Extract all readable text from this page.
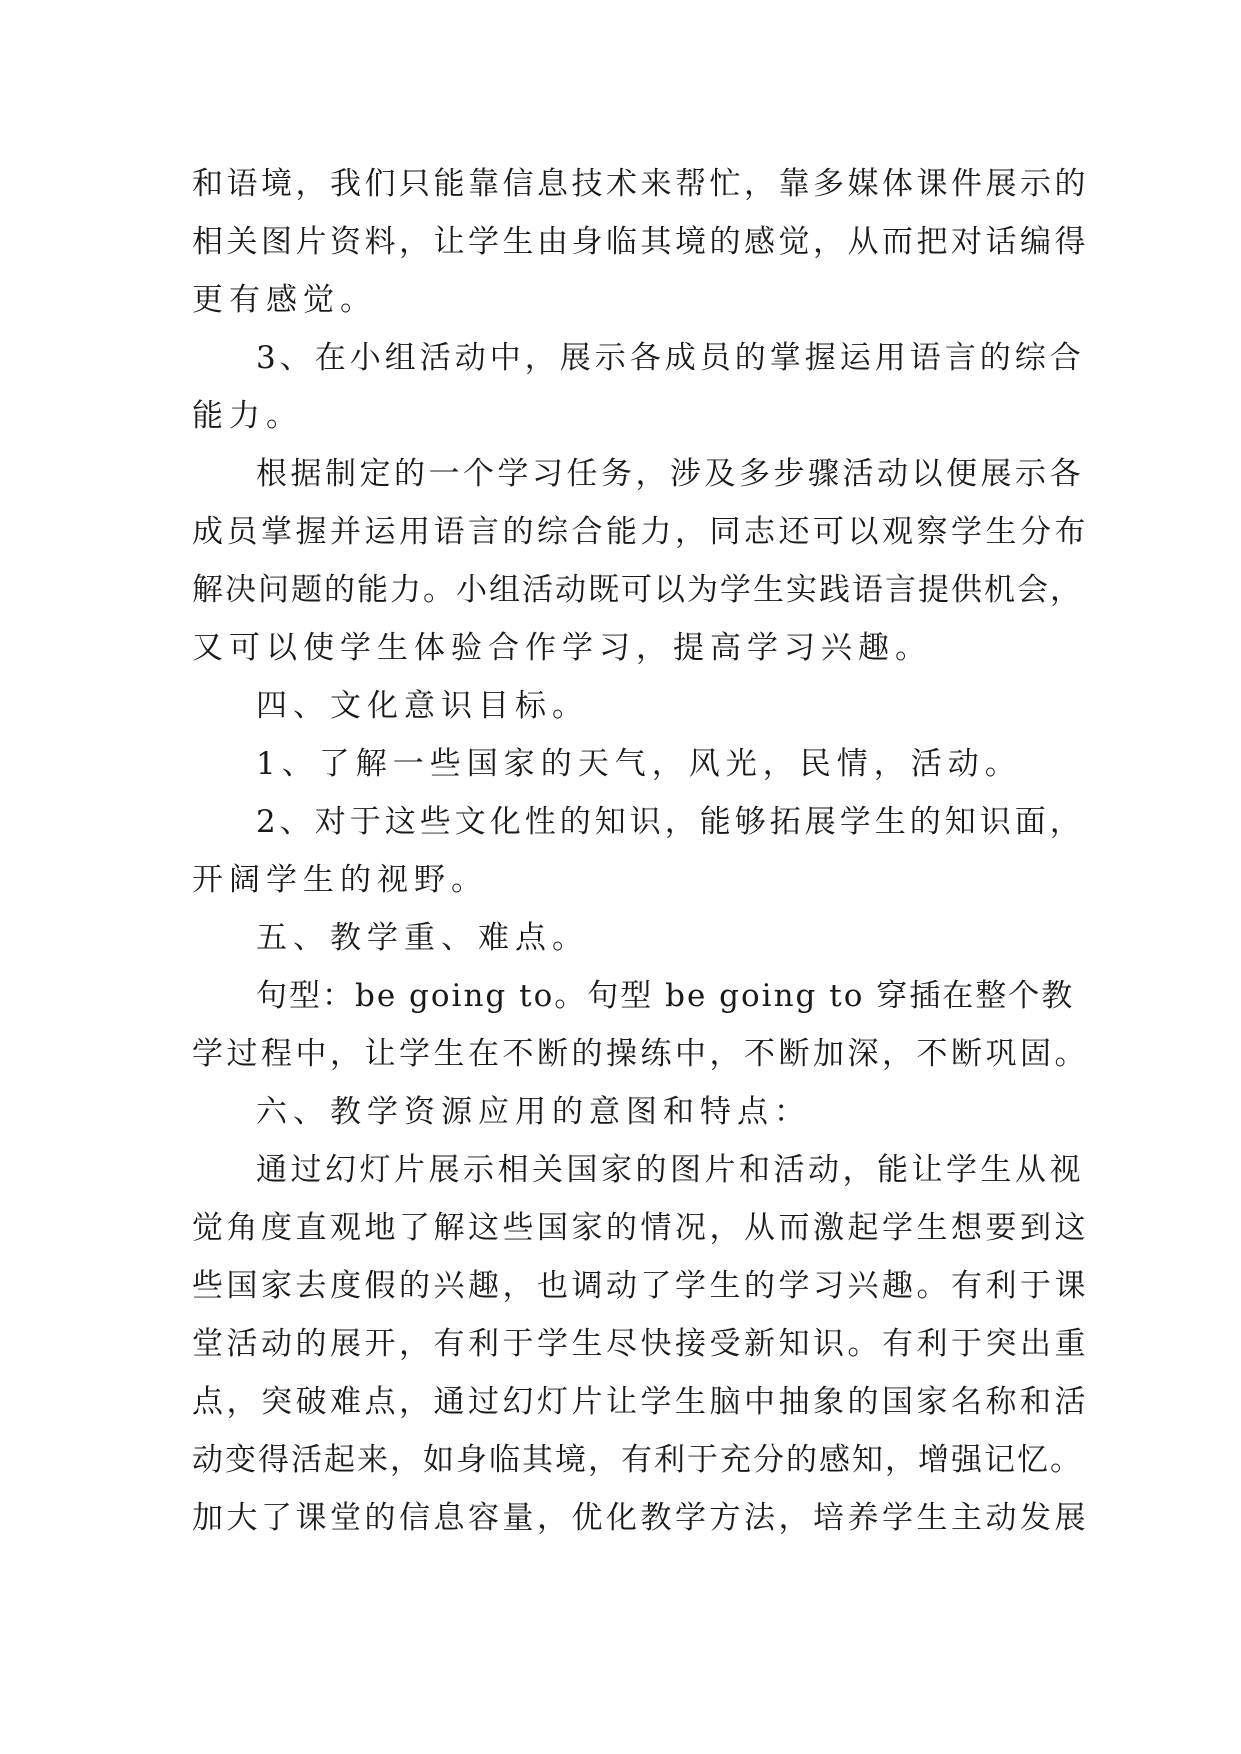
和语境，我们只能靠信息技术来帮忙，靠多媒体课件展示的
相关图片资料，让学生由身临其境的感觉，从而把对话编得
更有感觉。
3、在小组活动中，展示各成员的掌握运用语言的综合
能力。
根据制定的一个学习任务，涉及多步骤活动以便展示各
成员掌握并运用语言的综合能力，同志还可以观察学生分布
解决问题的能力。小组活动既可以为学生实践语言提供机会，
又可以使学生体验合作学习，提高学习兴趣。
四、文化意识目标。
1、了解一些国家的天气，风光，民情，活动。
2、对于这些文化性的知识，能够拓展学生的知识面，
开阔学生的视野。
五、教学重、难点。
句型：be going to。句型 be going to 穿插在整个教
学过程中，让学生在不断的操练中，不断加深，不断巩固。
六、教学资源应用的意图和特点：
通过幻灯片展示相关国家的图片和活动，能让学生从视
觉角度直观地了解这些国家的情况，从而激起学生想要到这
些国家去度假的兴趣，也调动了学生的学习兴趣。有利于课
堂活动的展开，有利于学生尽快接受新知识。有利于突出重
点，突破难点，通过幻灯片让学生脑中抽象的国家名称和活
动变得活起来，如身临其境，有利于充分的感知，增强记忆。
加大了课堂的信息容量，优化教学方法，培养学生主动发展
